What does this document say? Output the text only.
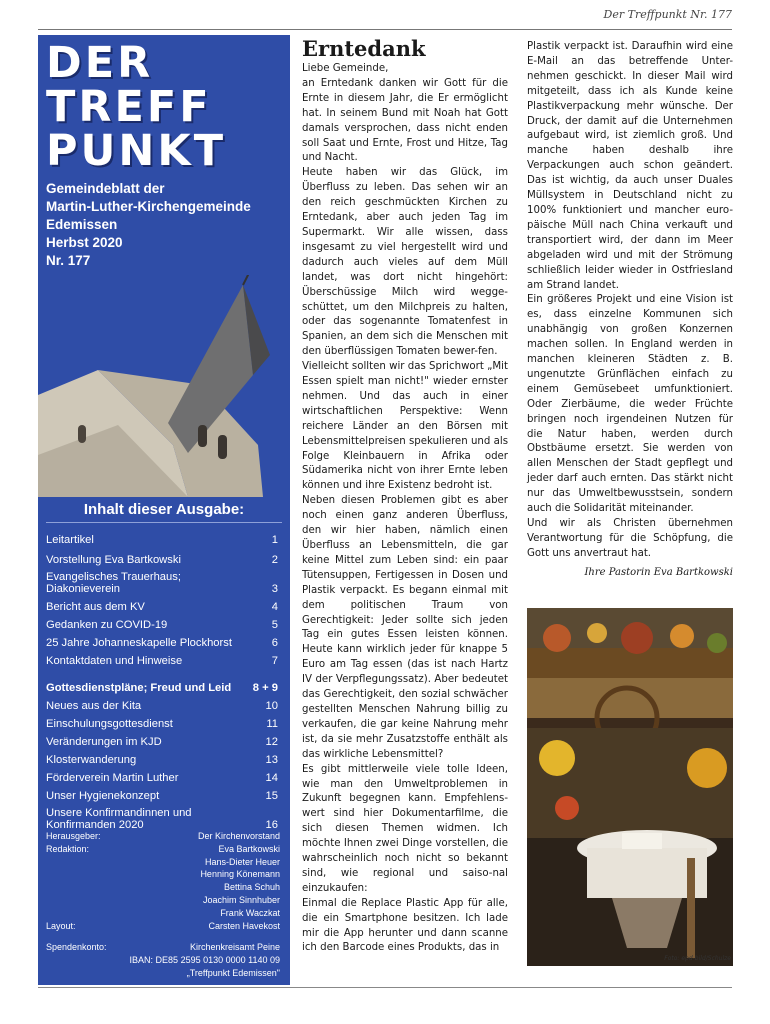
Der Treffpunkt Nr. 177
DER
TREFF
PUNKT
Gemeindeblatt der
Martin-Luther-Kirchengemeinde
Edemissen
Herbst 2020
Nr. 177
Inhalt dieser Ausgabe:
Leitartikel	1
Vorstellung Eva Bartkowski	2
Evangelisches Trauerhaus; Diakonieverein	3
Bericht aus dem KV	4
Gedanken zu COVID-19	5
25 Jahre Johanneskapelle Plockhorst	6
Kontaktdaten und Hinweise	7
Gottesdienstpläne; Freud und Leid	8 + 9
Neues aus der Kita	10
Einschulungsgottesdienst	11
Veränderungen im KJD	12
Klosterwanderung	13
Förderverein Martin Luther	14
Unser Hygienekonzept	15
Unsere Konfirmandinnen und Konfirmanden 2020	16
Herausgeber:	Der Kirchenvorstand
Redaktion:	Eva Bartkowski
Hans-Dieter Heuer
Henning Könemann
Bettina Schuh
Joachim Sinnhuber
Frank Waczkat
Layout:	Carsten Havekost
Spendenkonto:	Kirchenkreisamt Peine
IBAN: DE85 2595 0130 0000 1140 09
„Treffpunkt Edemissen"
Erntedank

Liebe Gemeinde,

an Erntedank danken wir Gott für die Ernte in diesem Jahr, die Er ermöglicht hat. In seinem Bund mit Noah hat Gott damals versprochen, dass nicht enden soll Saat und Ernte, Frost und Hitze, Tag und Nacht.

Heute haben wir das Glück, im Überfluss zu leben. Das sehen wir an den reich geschmückten Kirchen zu Erntedank, aber auch jeden Tag im Supermarkt. Wir alle wissen, dass insgesamt zu viel hergestellt wird und dadurch auch vieles auf dem Müll landet, was dort nicht hingehört: Überschüssige Milch wird wegge-schüttet, um den Milchpreis zu halten, oder das sogenannte Tomatenfest in Spanien, an dem sich die Menschen mit den überflüssigen Tomaten bewer-fen.

Vielleicht sollten wir das Sprichwort „Mit Essen spielt man nicht!" wieder ernster nehmen. Und das auch in einer wirtschaftlichen Perspektive: Wenn reichere Länder an den Börsen mit Lebensmittelpreisen spekulieren und als Folge Kleinbauern in Afrika oder Südamerika nicht von ihrer Ernte leben können und ihre Existenz bedroht ist.

Neben diesen Problemen gibt es aber noch einen ganz anderen Überfluss, den wir hier haben, nämlich einen Überfluss an Lebensmitteln, die gar keine Mittel zum Leben sind: ein paar Tütensuppen, Fertigessen in Dosen und Plastik verpackt. Es begann einmal mit dem politischen Traum von Gerechtigkeit: Jeder sollte sich jeden Tag ein gutes Essen leisten können. Heute kann wirklich jeder für knappe 5 Euro am Tag essen (das ist nach Hartz IV der Verpflegungssatz). Aber bedeutet das Gerechtigkeit, den sozial schwächer gestellten Menschen Nahrung billig zu verkaufen, die gar keine Nahrung mehr ist, da sie mehr Zusatzstoffe enthält als das wirkliche Lebensmittel?

Es gibt mittlerweile viele tolle Ideen, wie man den Umweltproblemen in Zukunft begegnen kann. Empfehlens-wert sind hier Dokumentarfilme, die sich diesen Themen widmen. Ich möchte Ihnen zwei Dinge vorstellen, die wahrscheinlich noch nicht so bekannt sind, wie regional und saiso-nal einzukaufen:

Einmal die Replace Plastic App für alle, die ein Smartphone besitzen. Ich lade mir die App herunter und dann scanne ich den Barcode eines Produkts, das in

Plastik verpackt ist. Daraufhin wird eine E-Mail an das betreffende Unter-nehmen geschickt. In dieser Mail wird mitgeteilt, dass ich als Kunde keine Plastikverpackung mehr wünsche. Der Druck, der damit auf die Unternehmen aufgebaut wird, ist ziemlich groß. Und manche haben deshalb ihre Verpackungen auch schon geändert. Das ist wichtig, da auch unser Duales Müllsystem in Deutschland nicht zu 100% funktioniert und mancher euro-päische Müll nach China verkauft und transportiert wird, der dann im Meer abgeladen wird und mit der Strömung schließlich leider wieder in Ostfriesland am Strand landet.

Ein größeres Projekt und eine Vision ist es, dass einzelne Kommunen sich unabhängig von großen Konzernen machen sollen. In England werden in manchen kleineren Städten z. B. ungenutzte Grünflächen einfach zu einem Gemüsebeet umfunktioniert. Oder Zierbäume, die weder Früchte bringen noch irgendeinen Nutzen für die Natur haben, werden durch Obstbäume ersetzt. Sie werden von allen Menschen der Stadt gepflegt und jeder darf auch ernten. Das stärkt nicht nur das Umweltbewusstsein, sondern auch die Solidarität miteinander.

Und wir als Christen übernehmen Verantwortung für die Schöpfung, die Gott uns anvertraut hat.

Ihre Pastorin Eva Bartkowski
Foto: epd-bild/Schulze
